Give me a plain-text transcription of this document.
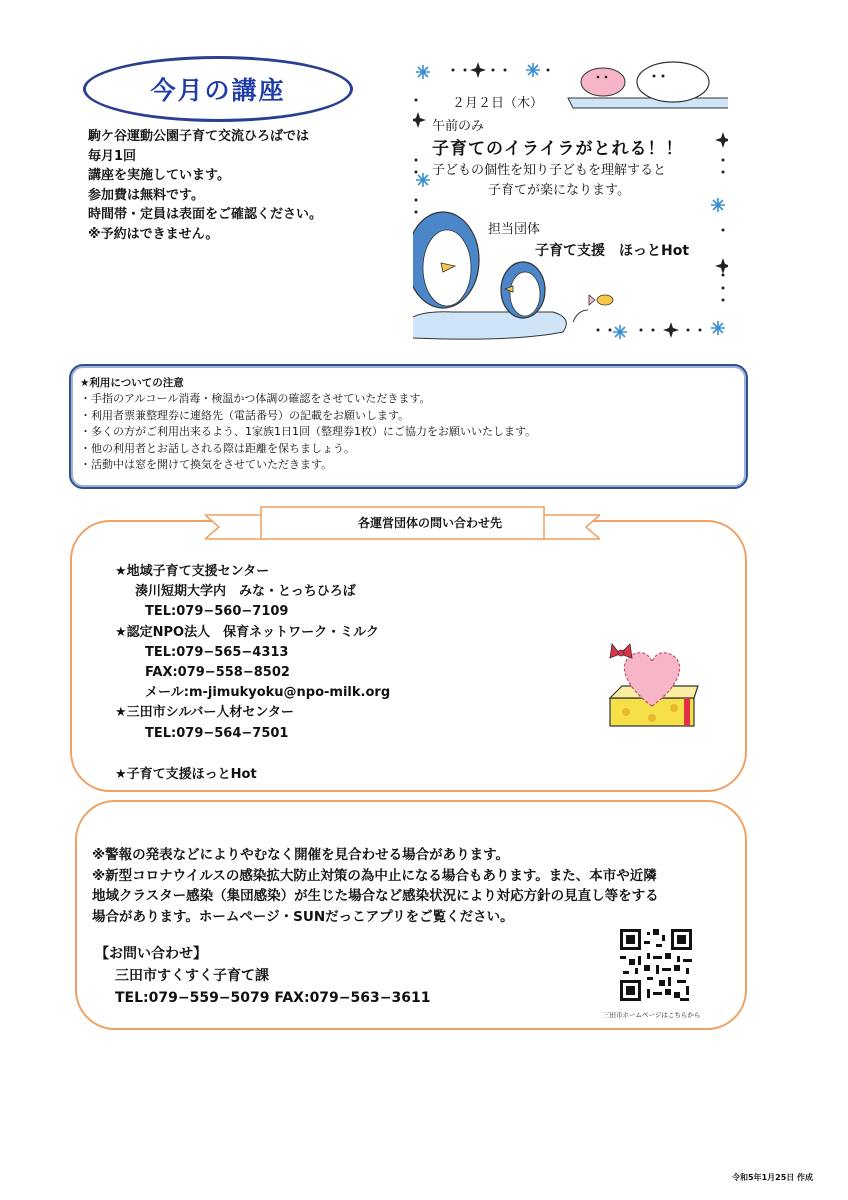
今月の講座
駒ケ谷運動公園子育て交流ひろばでは
毎月1回
講座を実施しています。
参加費は無料です。
時間帯・定員は表面をご確認ください。
※予約はできません。
２月２日（木）
午前のみ
子育てのイライラがとれる！！
子どもの個性を知り子どもを理解すると
子育てが楽になります。
担当団体
子育て支援　ほっとHot
★利用についての注意
・手指のアルコール消毒・検温かつ体調の確認をさせていただきます。
・利用者票兼整理券に連絡先（電話番号）の記載をお願いします。
・多くの方がご利用出来るよう、1家族1日1回（整理券1枚）にご協力をお願いいたします。
・他の利用者とお話しされる際は距離を保ちましょう。
・活動中は窓を開けて換気をさせていただきます。
各運営団体の問い合わせ先
★地域子育て支援センター
湊川短期大学内　みな・とっちひろば
TEL:079−560−7109
★認定NPO法人　保育ネットワーク・ミルク
TEL:079−565−4313
FAX:079−558−8502
メール:m-jimukyoku@npo-milk.org
★三田市シルバー人材センター
TEL:079−564−7501
★子育て支援ほっとHot
※警報の発表などによりやむなく開催を見合わせる場合があります。
※新型コロナウイルスの感染拡大防止対策の為中止になる場合もあります。また、本市や近隣
地域クラスター感染（集団感染）が生じた場合など感染状況により対応方針の見直し等をする
場合があります。ホームページ・SUNだっこアプリをご覧ください。
【お問い合わせ】
三田市すくすく子育て課
TEL:079−559−5079 FAX:079−563−3611
三田市ホームページはこちらから
令和5年1月25日 作成
